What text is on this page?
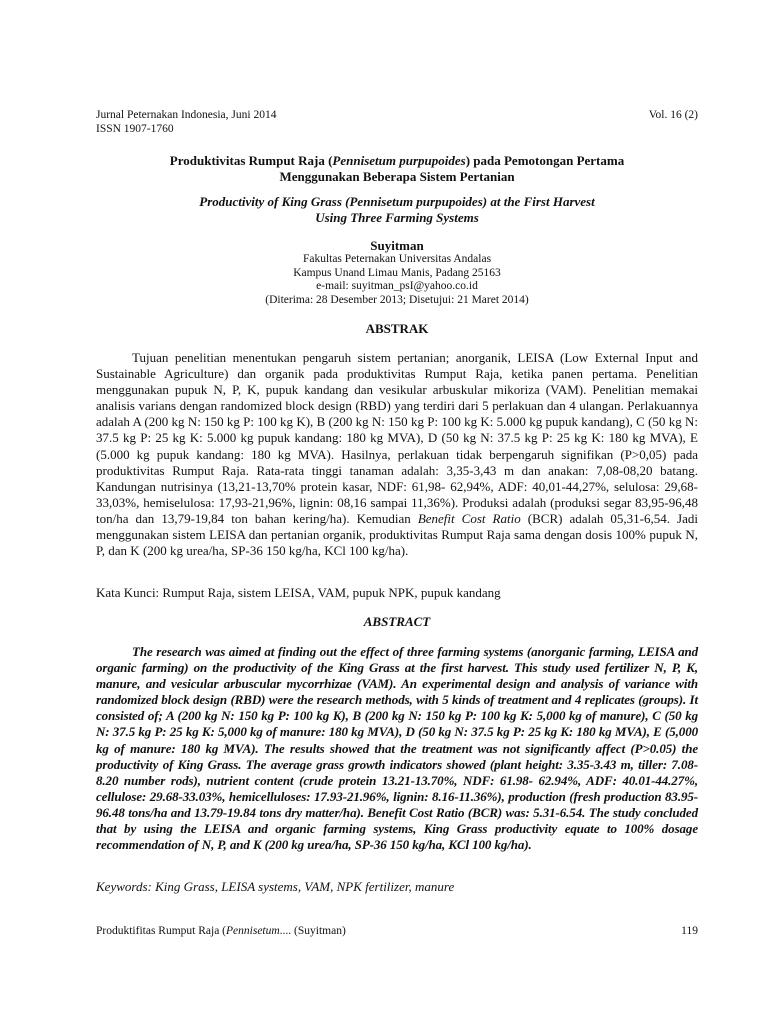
Jurnal Peternakan Indonesia, Juni 2014	Vol. 16 (2)
ISSN 1907-1760
Produktivitas Rumput Raja (Pennisetum purpupoides) pada Pemotongan Pertama
Menggunakan Beberapa Sistem Pertanian
Productivity of King Grass (Pennisetum purpupoides) at the First Harvest
Using Three Farming Systems
Suyitman
Fakultas Peternakan Universitas Andalas
Kampus Unand Limau Manis, Padang 25163
e-mail: suyitman_psI@yahoo.co.id
(Diterima: 28 Desember 2013; Disetujui: 21 Maret 2014)
ABSTRAK

Tujuan penelitian menentukan pengaruh sistem pertanian; anorganik, LEISA (Low External Input and Sustainable Agriculture) dan organik pada produktivitas Rumput Raja, ketika panen pertama. Penelitian menggunakan pupuk N, P, K, pupuk kandang dan vesikular arbuskular mikoriza (VAM). Penelitian memakai analisis varians dengan randomized block design (RBD) yang terdiri dari 5 perlakuan dan 4 ulangan. Perlakuannya adalah A (200 kg N: 150 kg P: 100 kg K), B (200 kg N: 150 kg P: 100 kg K: 5.000 kg pupuk kandang), C (50 kg N: 37.5 kg P: 25 kg K: 5.000 kg pupuk kandang: 180 kg MVA), D (50 kg N: 37.5 kg P: 25 kg K: 180 kg MVA), E (5.000 kg pupuk kandang: 180 kg MVA). Hasilnya, perlakuan tidak berpengaruh signifikan (P>0,05) pada produktivitas Rumput Raja. Rata-rata tinggi tanaman adalah: 3,35-3,43 m dan anakan: 7,08-08,20 batang. Kandungan nutrisinya (13,21-13,70% protein kasar, NDF: 61,98- 62,94%, ADF: 40,01-44,27%, selulosa: 29,68-33,03%, hemiselulosa: 17,93-21,96%, lignin: 08,16 sampai 11,36%). Produksi adalah (produksi segar 83,95-96,48 ton/ha dan 13,79-19,84 ton bahan kering/ha). Kemudian Benefit Cost Ratio (BCR) adalah 05,31-6,54. Jadi menggunakan sistem LEISA dan pertanian organik, produktivitas Rumput Raja sama dengan dosis 100% pupuk N, P, dan K (200 kg urea/ha, SP-36 150 kg/ha, KCl 100 kg/ha).

Kata Kunci: Rumput Raja, sistem LEISA, VAM, pupuk NPK, pupuk kandang
ABSTRACT

The research was aimed at finding out the effect of three farming systems (anorganic farming, LEISA and organic farming) on the productivity of the King Grass at the first harvest. This study used fertilizer N, P, K, manure, and vesicular arbuscular mycorrhizae (VAM). An experimental design and analysis of variance with randomized block design (RBD) were the research methods, with 5 kinds of treatment and 4 replicates (groups). It consisted of; A (200 kg N: 150 kg P: 100 kg K), B (200 kg N: 150 kg P: 100 kg K: 5,000 kg of manure), C (50 kg N: 37.5 kg P: 25 kg K: 5,000 kg of manure: 180 kg MVA), D (50 kg N: 37.5 kg P: 25 kg K: 180 kg MVA), E (5,000 kg of manure: 180 kg MVA). The results showed that the treatment was not significantly affect (P>0.05) the productivity of King Grass. The average grass growth indicators showed (plant height: 3.35-3.43 m, tiller: 7.08-8.20 number rods), nutrient content (crude protein 13.21-13.70%, NDF: 61.98- 62.94%, ADF: 40.01-44.27%, cellulose: 29.68-33.03%, hemicelluloses: 17.93-21.96%, lignin: 8.16-11.36%), production (fresh production 83.95-96.48 tons/ha and 13.79-19.84 tons dry matter/ha). Benefit Cost Ratio (BCR) was: 5.31-6.54. The study concluded that by using the LEISA and organic farming systems, King Grass productivity equate to 100% dosage recommendation of N, P, and K (200 kg urea/ha, SP-36 150 kg/ha, KCl 100 kg/ha).

Keywords: King Grass, LEISA systems, VAM, NPK fertilizer, manure
Produktifitas Rumput Raja (Pennisetum.... (Suyitman)	119
